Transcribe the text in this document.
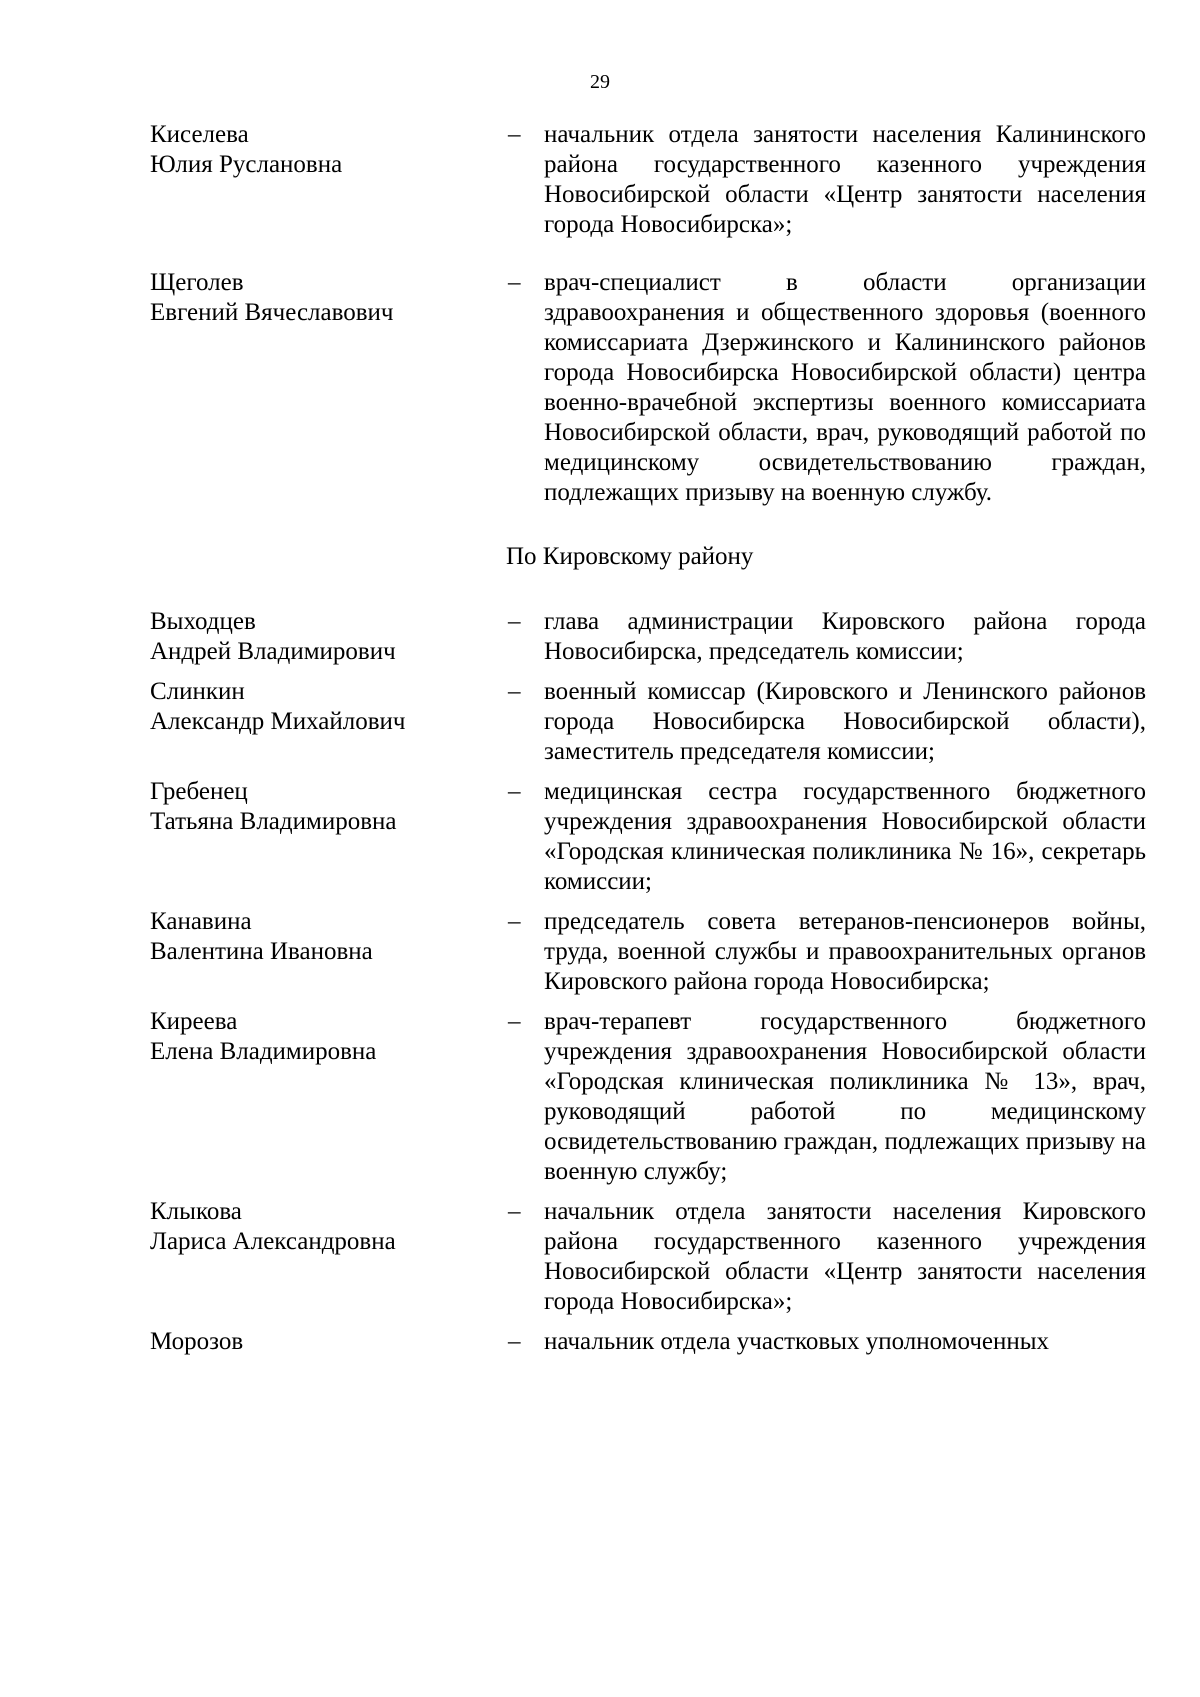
29
Киселева
Юлия Руслановна
– начальник отдела занятости населения Калининского района государственного казенного учреждения Новосибирской области «Центр занятости населения города Новосибирска»;
Щеголев
Евгений Вячеславович
– врач-специалист в области организации здравоохранения и общественного здоровья (военного комиссариата Дзержинского и Калининского районов города Новосибирска Новосибирской области) центра военно-врачебной экспертизы военного комиссариата Новосибирской области, врач, руководящий работой по медицинскому освидетельствованию граждан, подлежащих призыву на военную службу.
По Кировскому району
Выходцев
Андрей Владимирович
– глава администрации Кировского района города Новосибирска, председатель комиссии;
Слинкин
Александр Михайлович
– военный комиссар (Кировского и Ленинского районов города Новосибирска Новосибирской области), заместитель председателя комиссии;
Гребенец
Татьяна Владимировна
– медицинская сестра государственного бюджетного учреждения здравоохранения Новосибирской области «Городская клиническая поликлиника № 16», секретарь комиссии;
Канавина
Валентина Ивановна
– председатель совета ветеранов-пенсионеров войны, труда, военной службы и правоохранительных органов Кировского района города Новосибирска;
Киреева
Елена Владимировна
– врач-терапевт государственного бюджетного учреждения здравоохранения Новосибирской области «Городская клиническая поликлиника № 13», врач, руководящий работой по медицинскому освидетельствованию граждан, подлежащих призыву на военную службу;
Клыкова
Лариса Александровна
– начальник отдела занятости населения Кировского района государственного казенного учреждения Новосибирской области «Центр занятости населения города Новосибирска»;
Морозов	– начальник отдела участковых уполномоченных
